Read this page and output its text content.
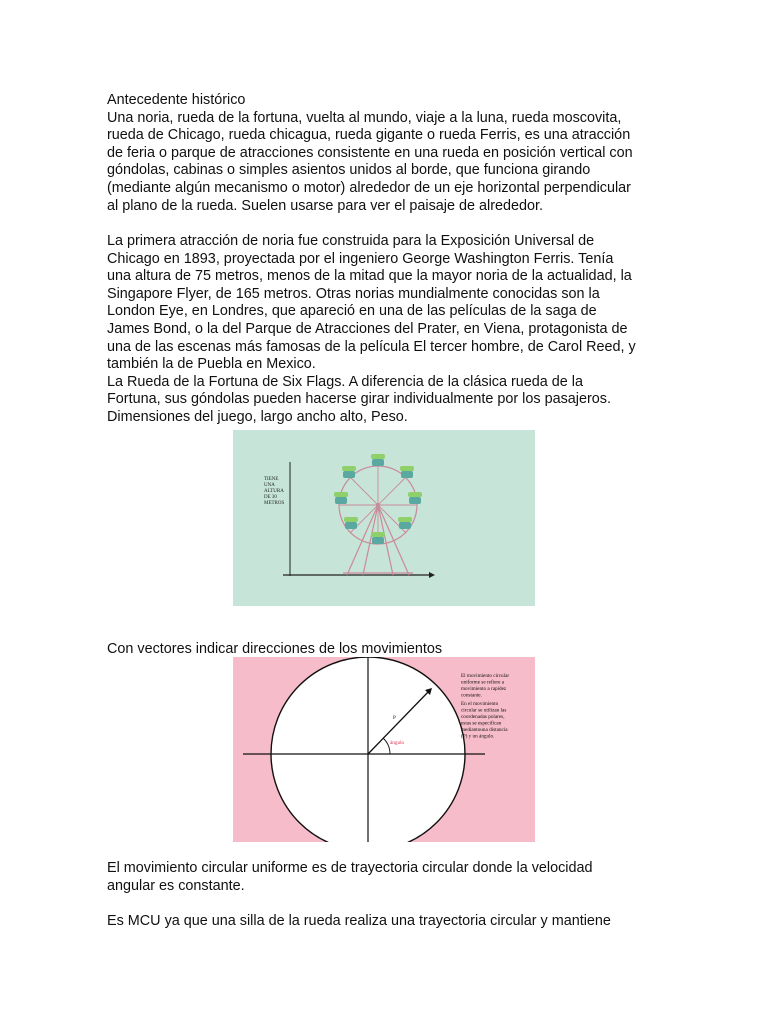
Antecedente histórico

Una noria, rueda de la fortuna, vuelta al mundo, viaje a la luna, rueda moscovita,
rueda de Chicago, rueda chicagua, rueda gigante o rueda Ferris, es una atracción
de feria o parque de atracciones consistente en una rueda en posición vertical con
góndolas, cabinas o simples asientos unidos al borde, que funciona girando
(mediante algún mecanismo o motor) alrededor de un eje horizontal perpendicular
al plano de la rueda. Suelen usarse para ver el paisaje de alrededor.

La primera atracción de noria fue construida para la Exposición Universal de
Chicago en 1893, proyectada por el ingeniero George Washington Ferris. Tenía
una altura de 75 metros, menos de la mitad que la mayor noria de la actualidad, la
Singapore Flyer, de 165 metros. Otras norias mundialmente conocidas son la
London Eye, en Londres, que apareció en una de las películas de la saga de
James Bond, o la del Parque de Atracciones del Prater, en Viena, protagonista de
una de las escenas más famosas de la película El tercer hombre, de Carol Reed, y
también la de Puebla en Mexico.

La Rueda de la Fortuna de Six Flags. A diferencia de la clásica rueda de la
Fortuna, sus góndolas pueden hacerse girar individualmente por los pasajeros.
Dimensiones del juego, largo ancho alto, Peso.

TIENE
UNA
ALTURA
DE 30
METROS

Con vectores indicar direcciones de los movimientos

P
ángulo
El movimiento circular
uniforme se refiere a
movimiento a rapidez
constante.
En el movimiento
circular se utilizan las
coordenadas polares,
estas se especifican
mediantouna distancia
(P) y un ángulo.

El movimiento circular uniforme es de trayectoria circular donde la velocidad
angular es constante.

Es MCU ya que una silla de la rueda realiza una trayectoria circular y mantiene
